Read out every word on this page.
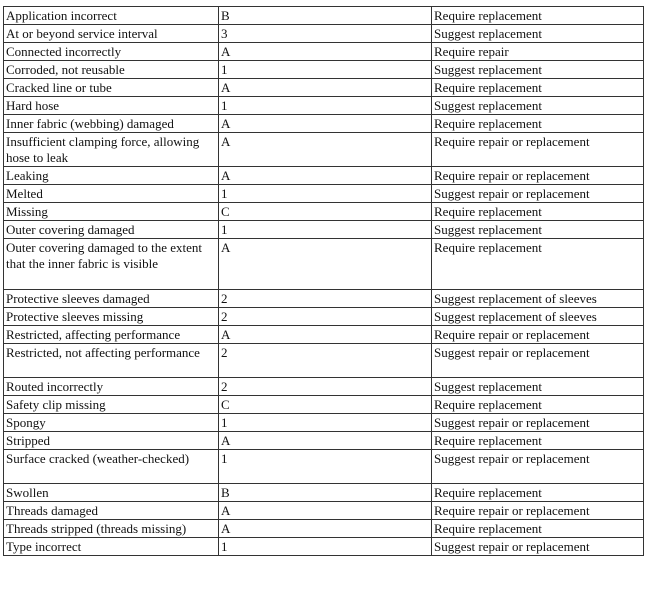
Application incorrect	B	Require replacement
At or beyond service interval	3	Suggest replacement
Connected incorrectly	A	Require repair
Corroded, not reusable	1	Suggest replacement
Cracked line or tube	A	Require replacement
Hard hose	1	Suggest replacement
Inner fabric (webbing) damaged	A	Require replacement
Insufficient clamping force, allowing hose to leak	A	Require repair or replacement
Leaking	A	Require repair or replacement
Melted	1	Suggest repair or replacement
Missing	C	Require replacement
Outer covering damaged	1	Suggest replacement
Outer covering damaged to the extent that the inner fabric is visible	A	Require replacement
Protective sleeves damaged	2	Suggest replacement of sleeves
Protective sleeves missing	2	Suggest replacement of sleeves
Restricted, affecting performance	A	Require repair or replacement
Restricted, not affecting performance	2	Suggest repair or replacement
Routed incorrectly	2	Suggest replacement
Safety clip missing	C	Require replacement
Spongy	1	Suggest repair or replacement
Stripped	A	Require replacement
Surface cracked (weather-checked)	1	Suggest repair or replacement
Swollen	B	Require replacement
Threads damaged	A	Require repair or replacement
Threads stripped (threads missing)	A	Require replacement
Type incorrect	1	Suggest repair or replacement
